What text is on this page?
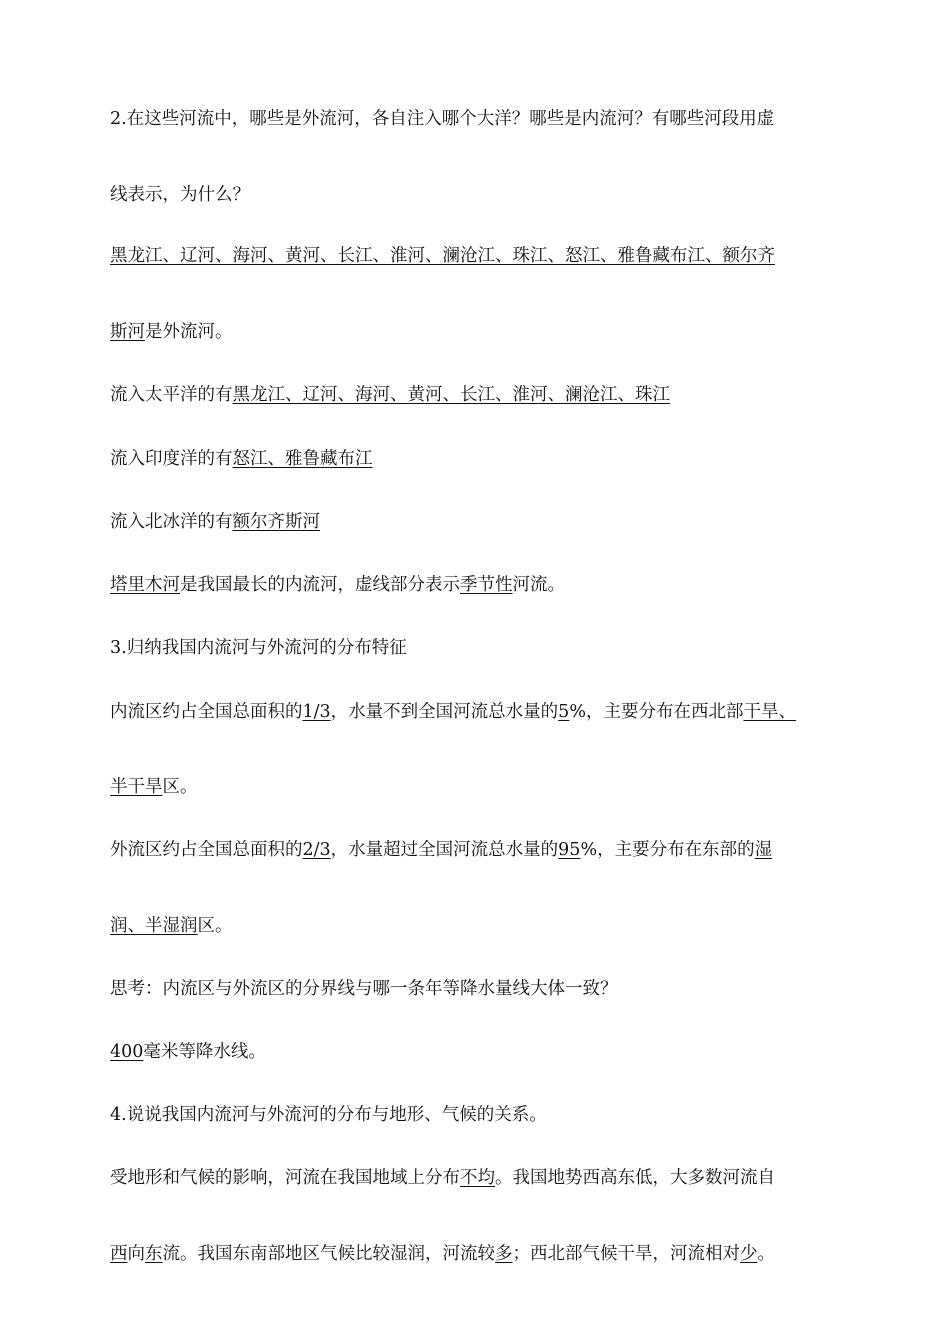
2.在这些河流中，哪些是外流河，各自注入哪个大洋？哪些是内流河？有哪些河段用虚
线表示，为什么？
黑龙江、辽河、海河、黄河、长江、淮河、澜沧江、珠江、怒江、雅鲁藏布江、额尔齐
斯河是外流河。
流入太平洋的有黑龙江、辽河、海河、黄河、长江、淮河、澜沧江、珠江
流入印度洋的有怒江、雅鲁藏布江
流入北冰洋的有额尔齐斯河
塔里木河是我国最长的内流河，虚线部分表示季节性河流。
3.归纳我国内流河与外流河的分布特征
内流区约占全国总面积的1/3，水量不到全国河流总水量的5%，主要分布在西北部干旱、
半干旱区。
外流区约占全国总面积的2/3，水量超过全国河流总水量的95%，主要分布在东部的湿
润、半湿润区。
思考：内流区与外流区的分界线与哪一条年等降水量线大体一致？
400毫米等降水线。
4.说说我国内流河与外流河的分布与地形、气候的关系。
受地形和气候的影响，河流在我国地域上分布不均。我国地势西高东低，大多数河流自
西向东流。我国东南部地区气候比较湿润，河流较多；西北部气候干旱，河流相对少。
